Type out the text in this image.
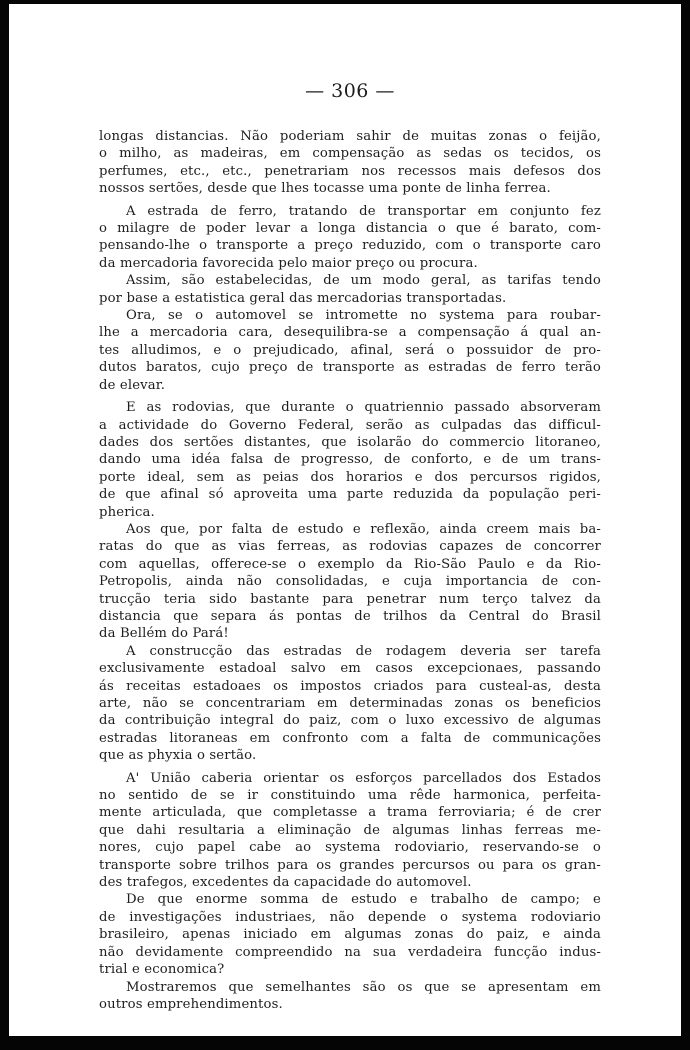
— 306 —

longas distancias. Não poderiam sahir de muitas zonas o feijão,
o milho, as madeiras, em compensação as sedas os tecidos, os
perfumes, etc., etc., penetrariam nos recessos mais defesos dos
nossos sertões, desde que lhes tocasse uma ponte de linha ferrea.

A estrada de ferro, tratando de transportar em conjunto fez
o milagre de poder levar a longa distancia o que é barato, com-
pensando-lhe o transporte a preço reduzido, com o transporte caro
da mercadoria favorecida pelo maior preço ou procura.

Assim, são estabelecidas, de um modo geral, as tarifas tendo
por base a estatistica geral das mercadorias transportadas.

Ora, se o automovel se intromette no systema para roubar-
lhe a mercadoria cara, desequilibra-se a compensação á qual an-
tes alludimos, e o prejudicado, afinal, será o possuidor de pro-
dutos baratos, cujo preço de transporte as estradas de ferro terão
de elevar.

E as rodovias, que durante o quatriennio passado absorveram
a actividade do Governo Federal, serão as culpadas das difficul-
dades dos sertões distantes, que isolarão do commercio litoraneo,
dando uma idéa falsa de progresso, de conforto, e de um trans-
porte ideal, sem as peias dos horarios e dos percursos rigidos,
de que afinal só aproveita uma parte reduzida da população peri-
pherica.

Aos que, por falta de estudo e reflexão, ainda creem mais ba-
ratas do que as vias ferreas, as rodovias capazes de concorrer
com aquellas, offerece-se o exemplo da Rio-São Paulo e da Rio-
Petropolis, ainda não consolidadas, e cuja importancia de con-
trucção teria sido bastante para penetrar num terço talvez da
distancia que separa ás pontas de trilhos da Central do Brasil
da Bellém do Pará!

A construcção das estradas de rodagem deveria ser tarefa
exclusivamente estadoal salvo em casos excepcionaes, passando
ás receitas estadoaes os impostos criados para custeal-as, desta
arte, não se concentrariam em determinadas zonas os beneficios
da contribuição integral do paiz, com o luxo excessivo de algumas
estradas litoraneas em confronto com a falta de communicações
que as phyxia o sertão.

A' União caberia orientar os esforços parcellados dos Estados
no sentido de se ir constituindo uma rêde harmonica, perfeita-
mente articulada, que completasse a trama ferroviaria; é de crer
que dahi resultaria a eliminação de algumas linhas ferreas me-
nores, cujo papel cabe ao systema rodoviario, reservando-se o
transporte sobre trilhos para os grandes percursos ou para os gran-
des trafegos, excedentes da capacidade do automovel.

De que enorme somma de estudo e trabalho de campo; e
de investigações industriaes, não depende o systema rodoviario
brasileiro, apenas iniciado em algumas zonas do paiz, e ainda
não devidamente compreendido na sua verdadeira funcção indus-
trial e economica?

Mostraremos que semelhantes são os que se apresentam em
outros emprehendimentos.
